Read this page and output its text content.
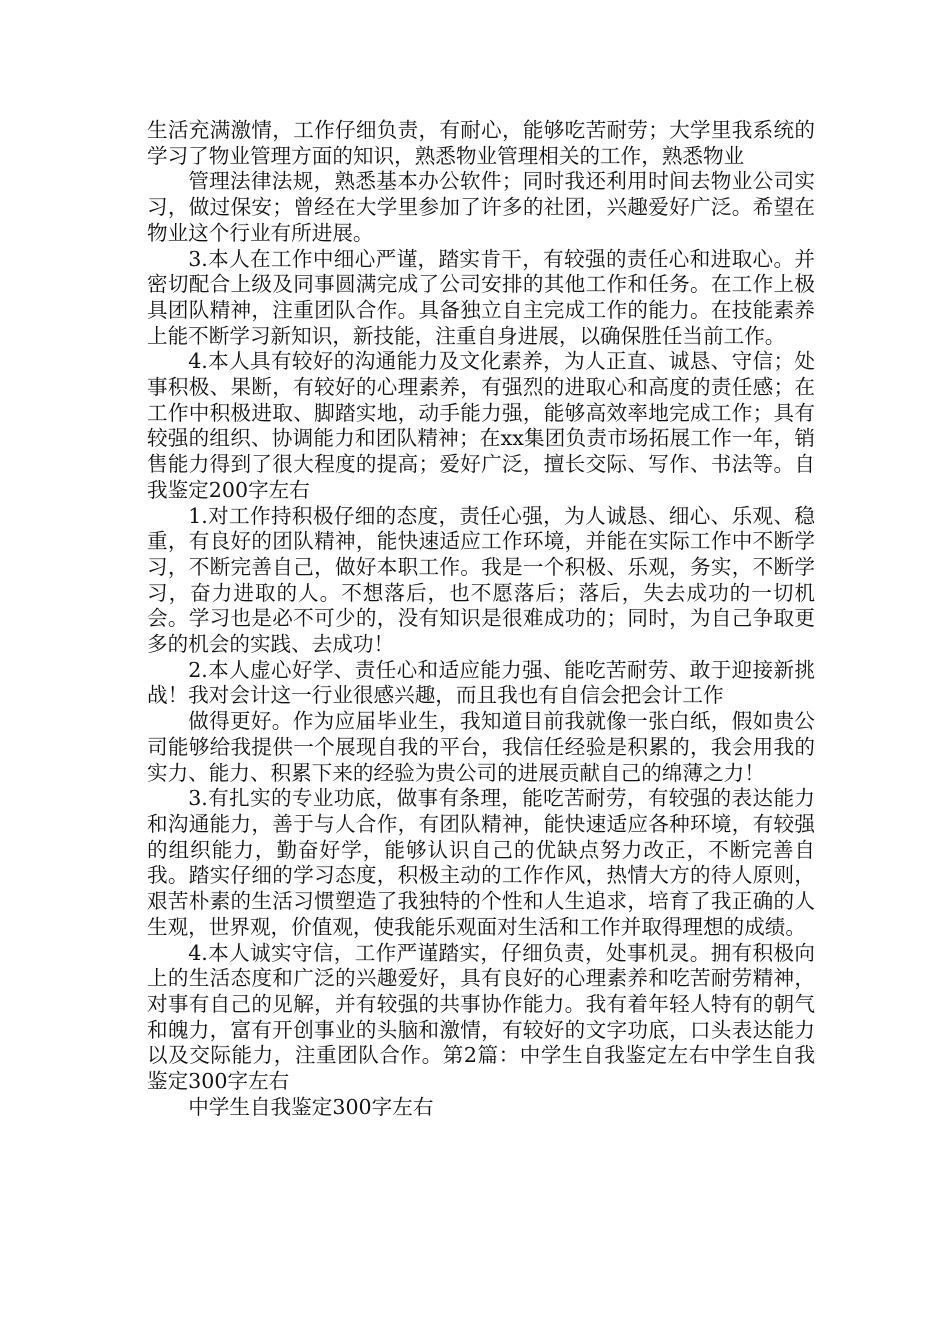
生活充满激情，工作仔细负责，有耐心，能够吃苦耐劳；大学里我系统的学习了物业管理方面的知识，熟悉物业管理相关的工作，熟悉物业

管理法律法规，熟悉基本办公软件；同时我还利用时间去物业公司实习，做过保安；曾经在大学里参加了许多的社团，兴趣爱好广泛。希望在物业这个行业有所进展。

3.本人在工作中细心严谨，踏实肯干，有较强的责任心和进取心。并密切配合上级及同事圆满完成了公司安排的其他工作和任务。在工作上极具团队精神，注重团队合作。具备独立自主完成工作的能力。在技能素养上能不断学习新知识，新技能，注重自身进展，以确保胜任当前工作。

4.本人具有较好的沟通能力及文化素养，为人正直、诚恳、守信；处事积极、果断，有较好的心理素养，有强烈的进取心和高度的责任感；在工作中积极进取、脚踏实地，动手能力强，能够高效率地完成工作；具有较强的组织、协调能力和团队精神；在xx集团负责市场拓展工作一年，销售能力得到了很大程度的提高；爱好广泛，擅长交际、写作、书法等。自我鉴定200字左右

1.对工作持积极仔细的态度，责任心强，为人诚恳、细心、乐观、稳重，有良好的团队精神，能快速适应工作环境，并能在实际工作中不断学习，不断完善自己，做好本职工作。我是一个积极、乐观，务实，不断学习，奋力进取的人。不想落后，也不愿落后；落后，失去成功的一切机会。学习也是必不可少的，没有知识是很难成功的；同时，为自己争取更多的机会的实践、去成功！

2.本人虚心好学、责任心和适应能力强、能吃苦耐劳、敢于迎接新挑战！我对会计这一行业很感兴趣，而且我也有自信会把会计工作

做得更好。作为应届毕业生，我知道目前我就像一张白纸，假如贵公司能够给我提供一个展现自我的平台，我信任经验是积累的，我会用我的实力、能力、积累下来的经验为贵公司的进展贡献自己的绵薄之力！

3.有扎实的专业功底，做事有条理，能吃苦耐劳，有较强的表达能力和沟通能力，善于与人合作，有团队精神，能快速适应各种环境，有较强的组织能力，勤奋好学，能够认识自己的优缺点努力改正，不断完善自我。踏实仔细的学习态度，积极主动的工作作风，热情大方的待人原则，艰苦朴素的生活习惯塑造了我独特的个性和人生追求，培育了我正确的人生观，世界观，价值观，使我能乐观面对生活和工作并取得理想的成绩。

4.本人诚实守信，工作严谨踏实，仔细负责，处事机灵。拥有积极向上的生活态度和广泛的兴趣爱好，具有良好的心理素养和吃苦耐劳精神，对事有自己的见解，并有较强的共事协作能力。我有着年轻人特有的朝气和魄力，富有开创事业的头脑和激情，有较好的文字功底，口头表达能力以及交际能力，注重团队合作。第2篇：中学生自我鉴定左右中学生自我鉴定300字左右

中学生自我鉴定300字左右
